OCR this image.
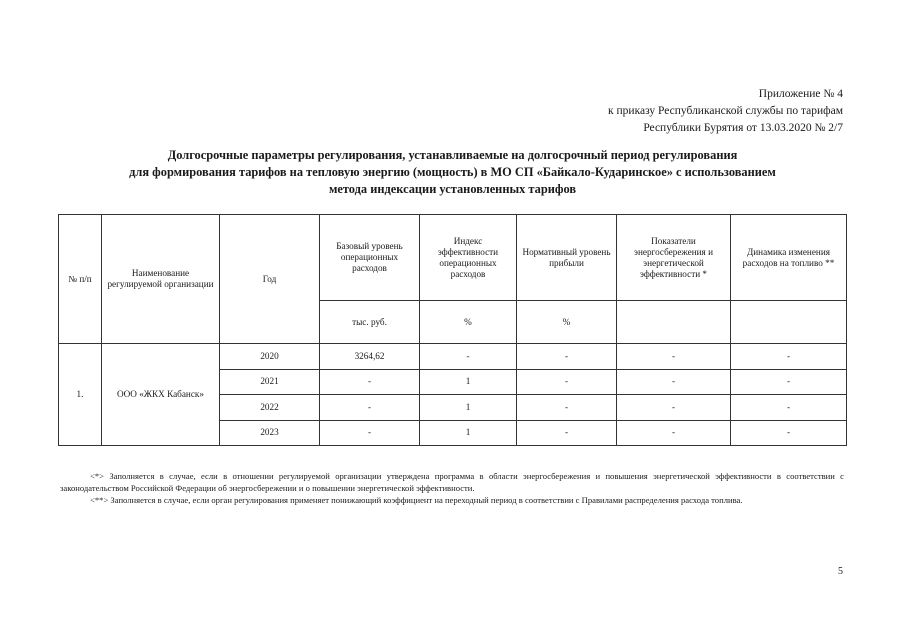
Приложение № 4
к приказу Республиканской службы по тарифам
Республики Бурятия от 13.03.2020 № 2/7
Долгосрочные параметры регулирования, устанавливаемые на долгосрочный период регулирования
для формирования тарифов на тепловую энергию (мощность) в МО СП «Байкало-Кударинское» с использованием
метода индексации установленных тарифов
№ п/п	Наименование регулируемой организации	Год	Базовый уровень операционных расходов	Индекс эффективности операционных расходов	Нормативный уровень прибыли	Показатели энергосбережения и энергетической эффективности *	Динамика изменения расходов на топливо **
			тыс. руб.	%	%		
1.	ООО «ЖКХ Кабанск»	2020	3264,62	-	-	-	-
		2021	-	1	-	-	-
		2022	-	1	-	-	-
		2023	-	1	-	-	-

<*> Заполняется в случае, если в отношении регулируемой организации утверждена программа в области энергосбережения и повышения энергетической эффективности в соответствии с законодательством Российской Федерации об энергосбережении и о повышении энергетической эффективности.

<**> Заполняется в случае, если орган регулирования применяет понижающий коэффициент на переходный период в соответствии с Правилами распределения расхода топлива.

5
